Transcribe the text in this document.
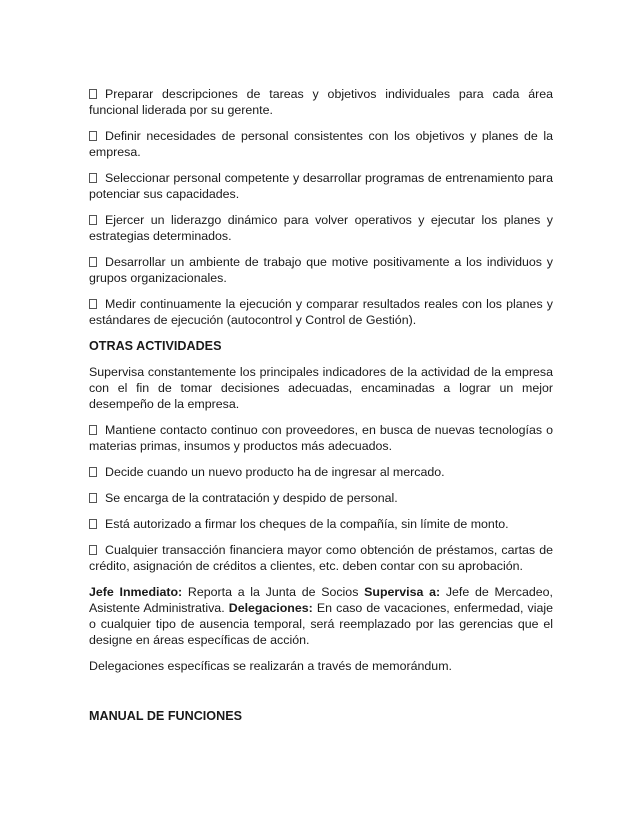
Preparar descripciones de tareas y objetivos individuales para cada área funcional liderada por su gerente.

Definir necesidades de personal consistentes con los objetivos y planes de la empresa.

Seleccionar personal competente y desarrollar programas de entrenamiento para potenciar sus capacidades.

Ejercer un liderazgo dinámico para volver operativos y ejecutar los planes y estrategias determinados.

Desarrollar un ambiente de trabajo que motive positivamente a los individuos y grupos organizacionales.

Medir continuamente la ejecución y comparar resultados reales con los planes y estándares de ejecución (autocontrol y Control de Gestión).

OTRAS ACTIVIDADES

Supervisa constantemente los principales indicadores de la actividad de la empresa con el fin de tomar decisiones adecuadas, encaminadas a lograr un mejor desempeño de la empresa.

Mantiene contacto continuo con proveedores, en busca de nuevas tecnologías o materias primas, insumos y productos más adecuados.

Decide cuando un nuevo producto ha de ingresar al mercado.

Se encarga de la contratación y despido de personal.

Está autorizado a firmar los cheques de la compañía, sin límite de monto.

Cualquier transacción financiera mayor como obtención de préstamos, cartas de crédito, asignación de créditos a clientes, etc. deben contar con su aprobación.

Jefe Inmediato: Reporta a la Junta de Socios Supervisa a: Jefe de Mercadeo, Asistente Administrativa. Delegaciones: En caso de vacaciones, enfermedad, viaje o cualquier tipo de ausencia temporal, será reemplazado por las gerencias que el designe en áreas específicas de acción.

Delegaciones específicas se realizarán a través de memorándum.

MANUAL DE FUNCIONES
